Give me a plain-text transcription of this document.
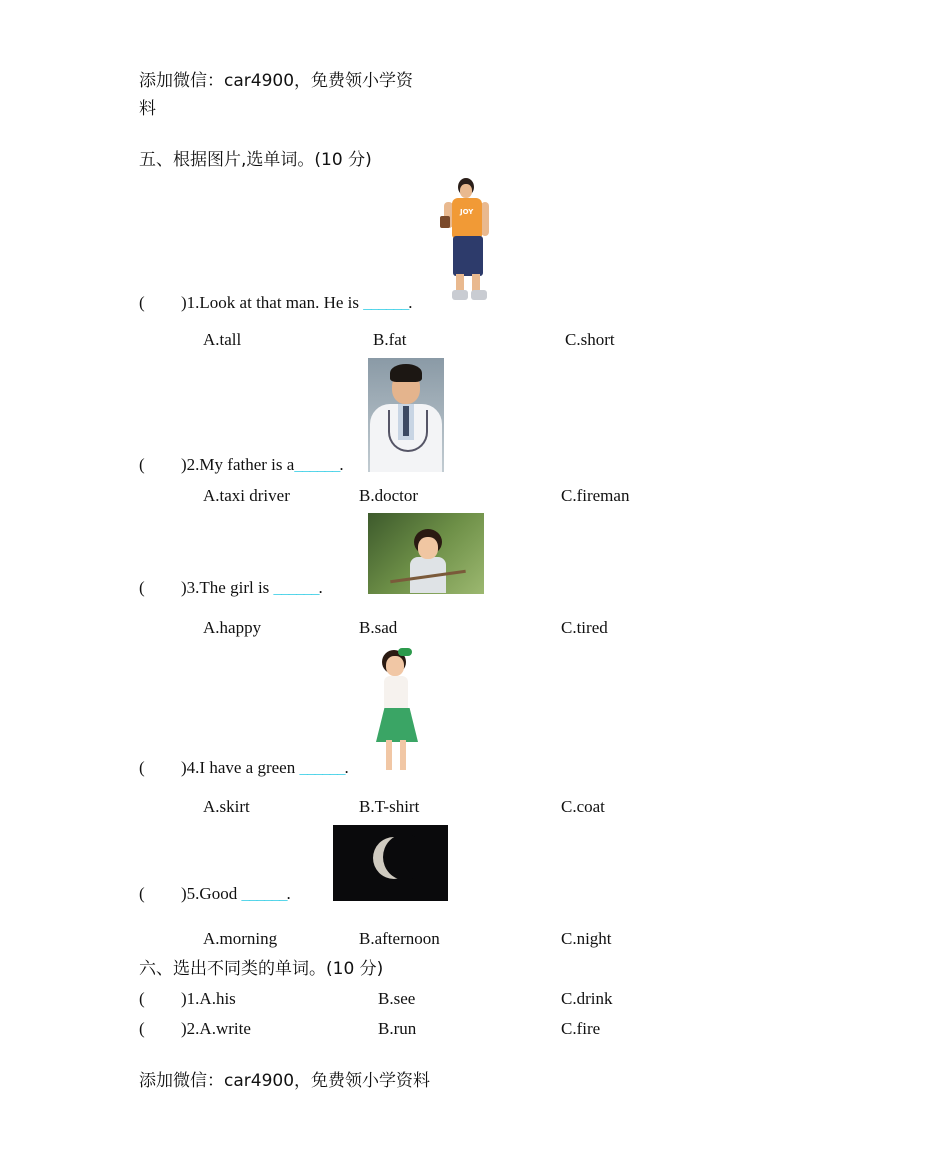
添加微信：car4900，免费领小学资
料
五、根据图片,选单词。(10 分)
JOY
( )1.Look at that man. He is ______.
A.tall	B.fat	C.short
( )2.My father is a______.
A.taxi driver	B.doctor	C.fireman
( )3.The girl is ______.
A.happy	B.sad	C.tired
( )4.I have a green ______.
A.skirt	B.T-shirt	C.coat
( )5.Good ______.
A.morning	B.afternoon	C.night
六、选出不同类的单词。(10 分)
( )1.A.his	B.see	C.drink
( )2.A.write	B.run	C.fire
添加微信：car4900，免费领小学资料
